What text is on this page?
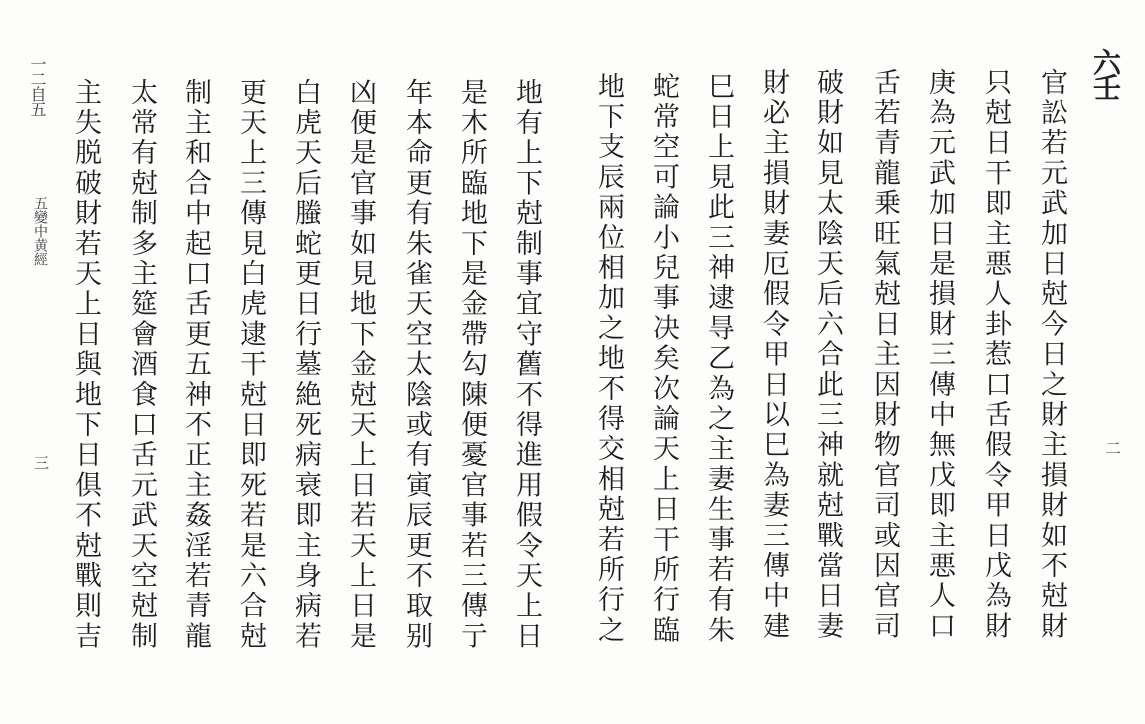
六壬
二
官訟若元武加日尅今日之財主損財如不尅財
只尅日干即主悪人卦惹口舌假令甲日戊為財
庚為元武加日是損財三傳中無戊即主悪人口
舌若青龍乗旺氣尅日主因財物官司或因官司
破財如見太陰天后六合此三神就尅戰當日妻
財必主損財妻厄假令甲日以巳為妻三傳中建
巳日上見此三神逮㝵乙為之主妻生事若有朱
蛇常空可論小兒事决矣次論天上日干所行臨
地下支辰兩位相加之地不得交相尅若所行之
地有上下尅制事宜守舊不得進用假令天上日
是木所臨地下是金帶勾陳便憂官事若三傳亍
年本命更有朱雀天空太陰或有寅辰更不取别
凶便是官事如見地下金尅天上日若天上日是
白虎天后螣蛇更日行墓絶死病衰即主身病若
更天上三傳見白虎逮干尅日即死若是六合尅
制主和合中起口舌更五神不正主姦淫若青龍
太常有尅制多主筵會酒食口舌元武天空尅制
主失脱破財若天上日與地下日俱不尅戰則吉
一二自五
五變中黄經
三
